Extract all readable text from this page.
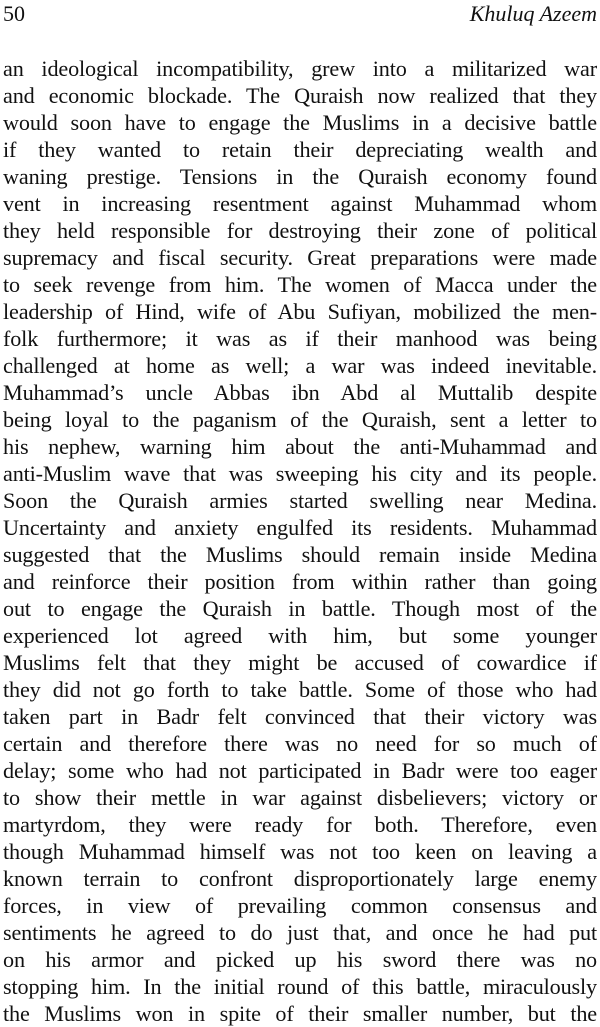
50	Khuluq Azeem
an ideological incompatibility, grew into a militarized war
and economic blockade. The Quraish now realized that they
would soon have to engage the Muslims in a decisive battle
if they wanted to retain their depreciating wealth and
waning prestige. Tensions in the Quraish economy found
vent in increasing resentment against Muhammad whom
they held responsible for destroying their zone of political
supremacy and fiscal security. Great preparations were made
to seek revenge from him. The women of Macca under the
leadership of Hind, wife of Abu Sufiyan, mobilized the men-
folk furthermore; it was as if their manhood was being
challenged at home as well; a war was indeed inevitable.
Muhammad’s uncle Abbas ibn Abd al Muttalib despite
being loyal to the paganism of the Quraish, sent a letter to
his nephew, warning him about the anti-Muhammad and
anti-Muslim wave that was sweeping his city and its people.
Soon the Quraish armies started swelling near Medina.
Uncertainty and anxiety engulfed its residents. Muhammad
suggested that the Muslims should remain inside Medina
and reinforce their position from within rather than going
out to engage the Quraish in battle. Though most of the
experienced lot agreed with him, but some younger
Muslims felt that they might be accused of cowardice if
they did not go forth to take battle. Some of those who had
taken part in Badr felt convinced that their victory was
certain and therefore there was no need for so much of
delay; some who had not participated in Badr were too eager
to show their mettle in war against disbelievers; victory or
martyrdom, they were ready for both. Therefore, even
though Muhammad himself was not too keen on leaving a
known terrain to confront disproportionately large enemy
forces, in view of prevailing common consensus and
sentiments he agreed to do just that, and once he had put
on his armor and picked up his sword there was no
stopping him. In the initial round of this battle, miraculously
the Muslims won in spite of their smaller number, but the
